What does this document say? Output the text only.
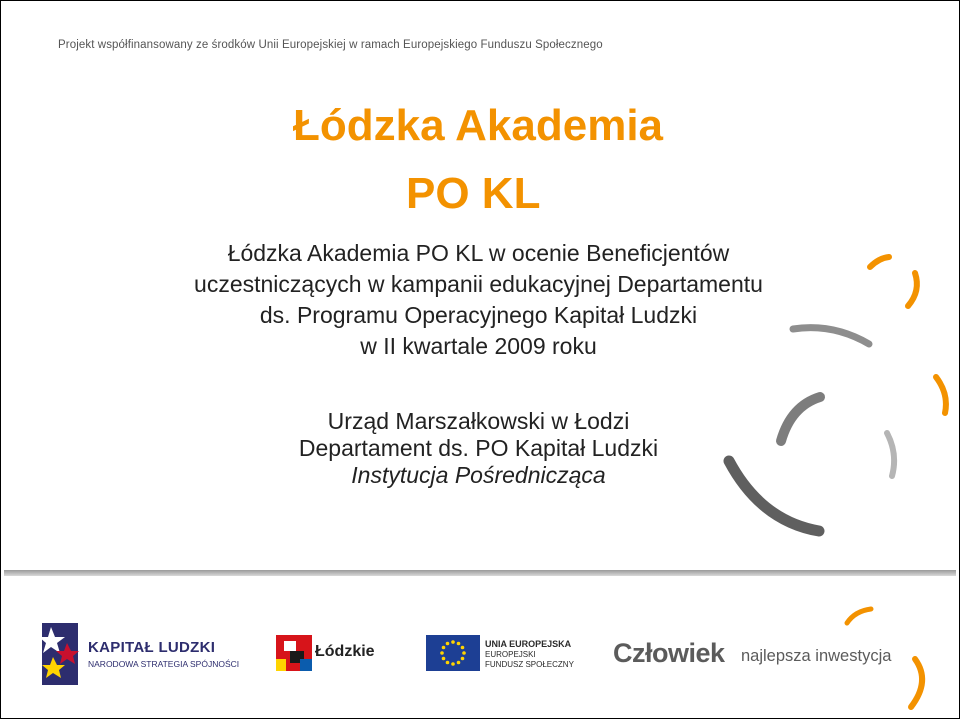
Projekt współfinansowany ze środków Unii Europejskiej w ramach Europejskiego Funduszu Społecznego
Łódzka Akademia
PO KL
Łódzka Akademia PO KL w ocenie Beneficjentów
uczestniczących w kampanii edukacyjnej Departamentu
ds. Programu Operacyjnego Kapitał Ludzki
w II kwartale 2009 roku
Urząd Marszałkowski w Łodzi
Departament ds. PO Kapitał Ludzki
Instytucja Pośrednicząca
KAPITAŁ LUDZKI
NARODOWA STRATEGIA SPÓJNOŚCI
Łódzkie	UNIA EUROPEJSKA
EUROPEJSKI FUNDUSZ SPOŁECZNY Człowiek najlepsza inwestycja
